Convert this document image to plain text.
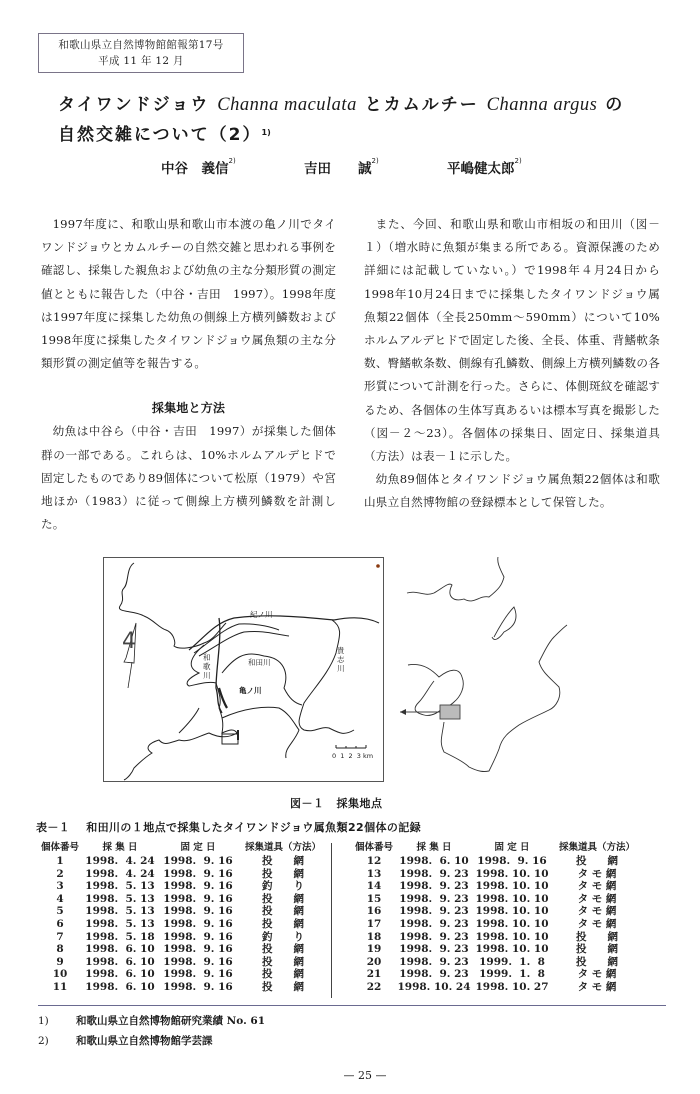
和歌山県立自然博物館館報第17号
平成 11 年 12 月
タイワンドジョウ Channa maculata とカムルチー Channa argus の
自然交雑について$(2)^{1)}$
中谷　義信$^{2)}$	吉田　　誠$^{2)}$	平嶋健太郎$^{2)}$

1997年度に、和歌山県和歌山市本渡の亀ノ川でタイワンドジョウとカムルチーの自然交雑と思われる事例を確認し、採集した親魚および幼魚の主な分類形質の測定値とともに報告した（中谷・吉田　1997）。1998年度は1997年度に採集した幼魚の側線上方横列鱗数および1998年度に採集したタイワンドジョウ属魚類の主な分類形質の測定値等を報告する。

採集地と方法

幼魚は中谷ら（中谷・吉田　1997）が採集した個体群の一部である。これらは、10%ホルムアルデヒドで固定したものであり89個体について松原（1979）や宮地ほか（1983）に従って側線上方横列鱗数を計測した。

また、今回、和歌山県和歌山市相坂の和田川（図－１）（増水時に魚類が集まる所である。資源保護のため詳細には記載していない。）で1998年４月24日から1998年10月24日までに採集したタイワンドジョウ属魚類22個体（全長250mm～590mm）について10%ホルムアルデヒドで固定した後、全長、体重、背鰭軟条数、臀鰭軟条数、側線有孔鱗数、側線上方横列鱗数の各形質について計測を行った。さらに、体側斑紋を確認するため、各個体の生体写真あるいは標本写真を撮影した（図－２～23）。各個体の採集日、固定日、採集道具（方法）は表－１に示した。

幼魚89個体とタイワンドジョウ属魚類22個体は和歌山県立自然博物館の登録標本として保管した。

紀ノ川
和歌川
和田川
貴志川
亀ノ川
0  1  2  3 km
4
図－１ 採集地点
表－１ 和田川の１地点で採集したタイワンドジョウ属魚類22個体の記録
個体番号	採 集 日	固 定 日	採集道具（方法）
1	1998.  4. 24	1998.  9. 16	投　　網
2	1998.  4. 24	1998.  9. 16	投　　網
3	1998.  5. 13	1998.  9. 16	釣　　り
4	1998.  5. 13	1998.  9. 16	投　　網
5	1998.  5. 13	1998.  9. 16	投　　網
6	1998.  5. 13	1998.  9. 16	投　　網
7	1998.  5. 18	1998.  9. 16	釣　　り
8	1998.  6. 10	1998.  9. 16	投　　網
9	1998.  6. 10	1998.  9. 16	投　　網
10	1998.  6. 10	1998.  9. 16	投　　網
11	1998.  6. 10	1998.  9. 16	投　　網
個体番号	採 集 日	固 定 日	採集道具（方法）
12	1998.  6. 10	1998.  9. 16	投　　網
13	1998.  9. 23	1998. 10. 10	タ モ 網
14	1998.  9. 23	1998. 10. 10	タ モ 網
15	1998.  9. 23	1998. 10. 10	タ モ 網
16	1998.  9. 23	1998. 10. 10	タ モ 網
17	1998.  9. 23	1998. 10. 10	タ モ 網
18	1998.  9. 23	1998. 10. 10	投　　網
19	1998.  9. 23	1998. 10. 10	投　　網
20	1998.  9. 23	1999.  1.  8	投　　網
21	1998.  9. 23	1999.  1.  8	タ モ 網
22	1998. 10. 24	1998. 10. 27	タ モ 網
1)	和歌山県立自然博物館研究業績 No. 61
2)	和歌山県立自然博物館学芸課
— 25 —
